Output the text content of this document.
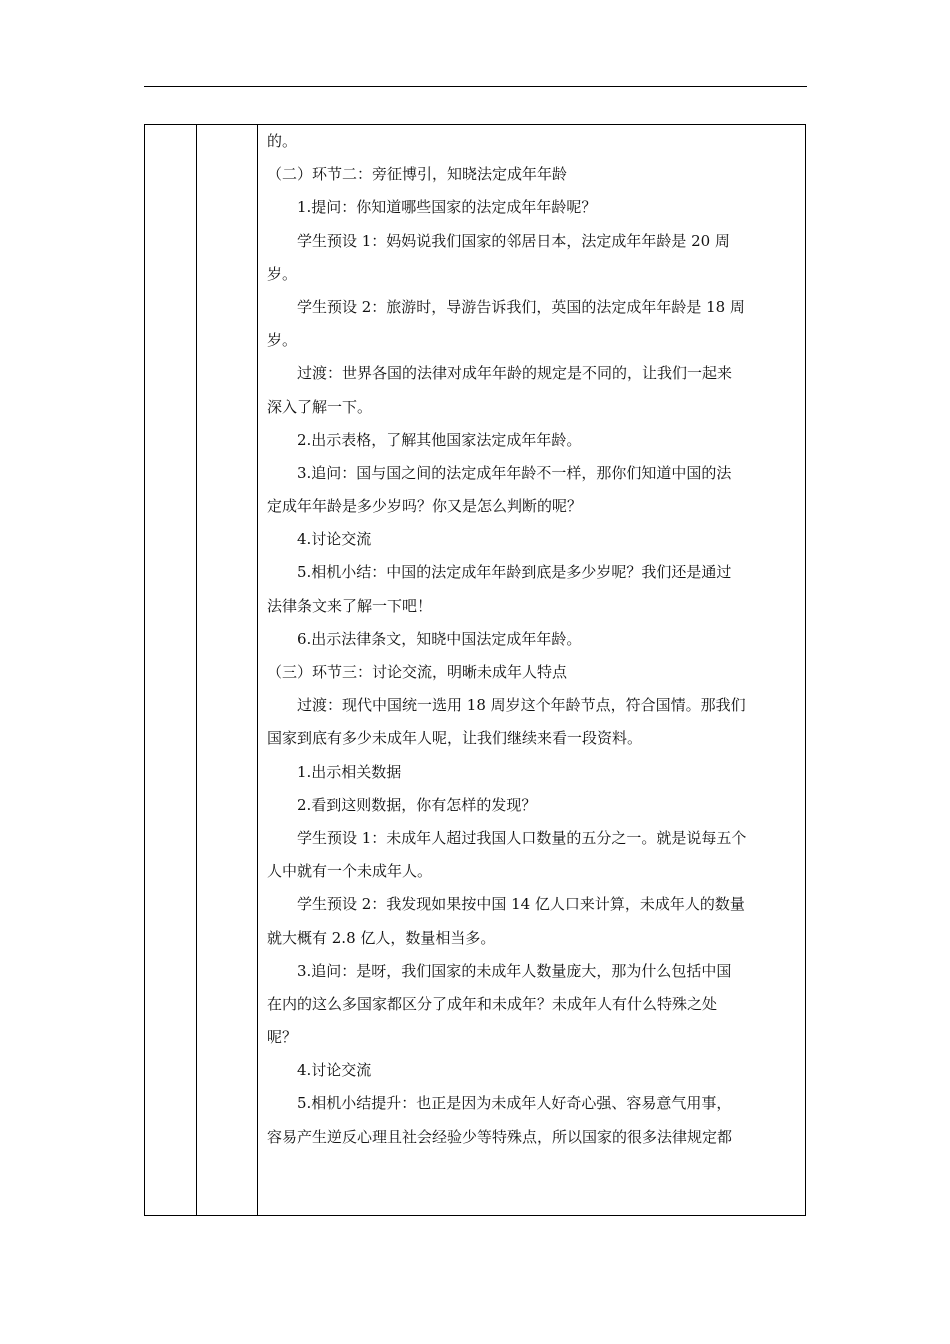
的。
（二）环节二：旁征博引，知晓法定成年年龄
1.提问：你知道哪些国家的法定成年年龄呢？
学生预设 1：妈妈说我们国家的邻居日本，法定成年年龄是 20 周
岁。
学生预设 2：旅游时，导游告诉我们，英国的法定成年年龄是 18 周
岁。
过渡：世界各国的法律对成年年龄的规定是不同的，让我们一起来
深入了解一下。
2.出示表格，了解其他国家法定成年年龄。
3.追问：国与国之间的法定成年年龄不一样，那你们知道中国的法
定成年年龄是多少岁吗？你又是怎么判断的呢？
4.讨论交流
5.相机小结：中国的法定成年年龄到底是多少岁呢？我们还是通过
法律条文来了解一下吧！
6.出示法律条文，知晓中国法定成年年龄。
（三）环节三：讨论交流，明晰未成年人特点
过渡：现代中国统一选用 18 周岁这个年龄节点，符合国情。那我们
国家到底有多少未成年人呢，让我们继续来看一段资料。
1.出示相关数据
2.看到这则数据，你有怎样的发现？
学生预设 1：未成年人超过我国人口数量的五分之一。就是说每五个
人中就有一个未成年人。
学生预设 2：我发现如果按中国 14 亿人口来计算，未成年人的数量
就大概有 2.8 亿人，数量相当多。
3.追问：是呀，我们国家的未成年人数量庞大，那为什么包括中国
在内的这么多国家都区分了成年和未成年？未成年人有什么特殊之处
呢？
4.讨论交流
5.相机小结提升：也正是因为未成年人好奇心强、容易意气用事，
容易产生逆反心理且社会经验少等特殊点，所以国家的很多法律规定都
